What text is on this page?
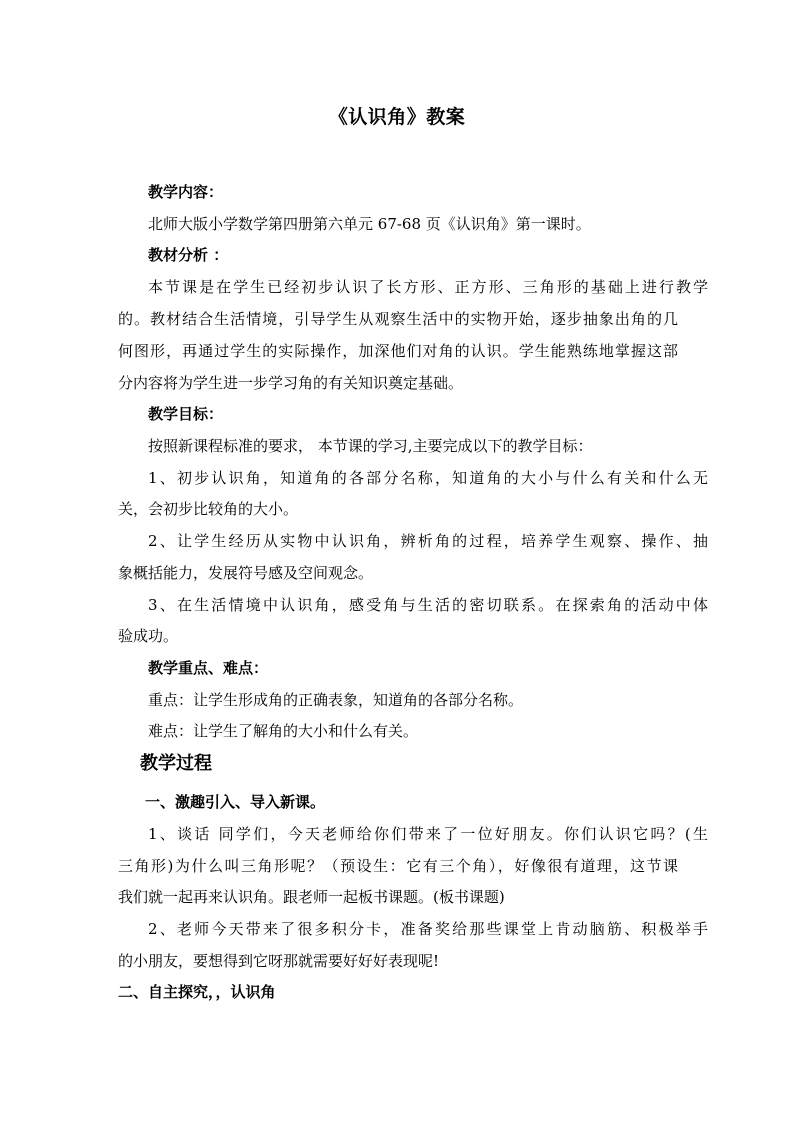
《认识角》教案
教学内容：
北师大版小学数学第四册第六单元 67-68 页《认识角》第一课时。
教材分析 ：
本节课是在学生已经初步认识了长方形、正方形、三角形的基础上进行教学
的。教材结合生活情境，引导学生从观察生活中的实物开始，逐步抽象出角的几
何图形，再通过学生的实际操作，加深他们对角的认识。学生能熟练地掌握这部
分内容将为学生进一步学习角的有关知识奠定基础。
教学目标：
按照新课程标准的要求， 本节课的学习,主要完成以下的教学目标：
1、初步认识角，知道角的各部分名称，知道角的大小与什么有关和什么无
关，会初步比较角的大小。
2、让学生经历从实物中认识角，辨析角的过程，培养学生观察、操作、抽
象概括能力，发展符号感及空间观念。
3、在生活情境中认识角，感受角与生活的密切联系。在探索角的活动中体
验成功。
教学重点、难点：
重点：让学生形成角的正确表象，知道角的各部分名称。
难点：让学生了解角的大小和什么有关。
教学过程
一、激趣引入、导入新课。
1、谈话 同学们，今天老师给你们带来了一位好朋友。你们认识它吗？(生
三角形)为什么叫三角形呢？（预设生：它有三个角），好像很有道理，这节课
我们就一起再来认识角。跟老师一起板书课题。(板书课题)
2、老师今天带来了很多积分卡，准备奖给那些课堂上肯动脑筋、积极举手
的小朋友，要想得到它呀那就需要好好好表现呢!
二、自主探究，，认识角
